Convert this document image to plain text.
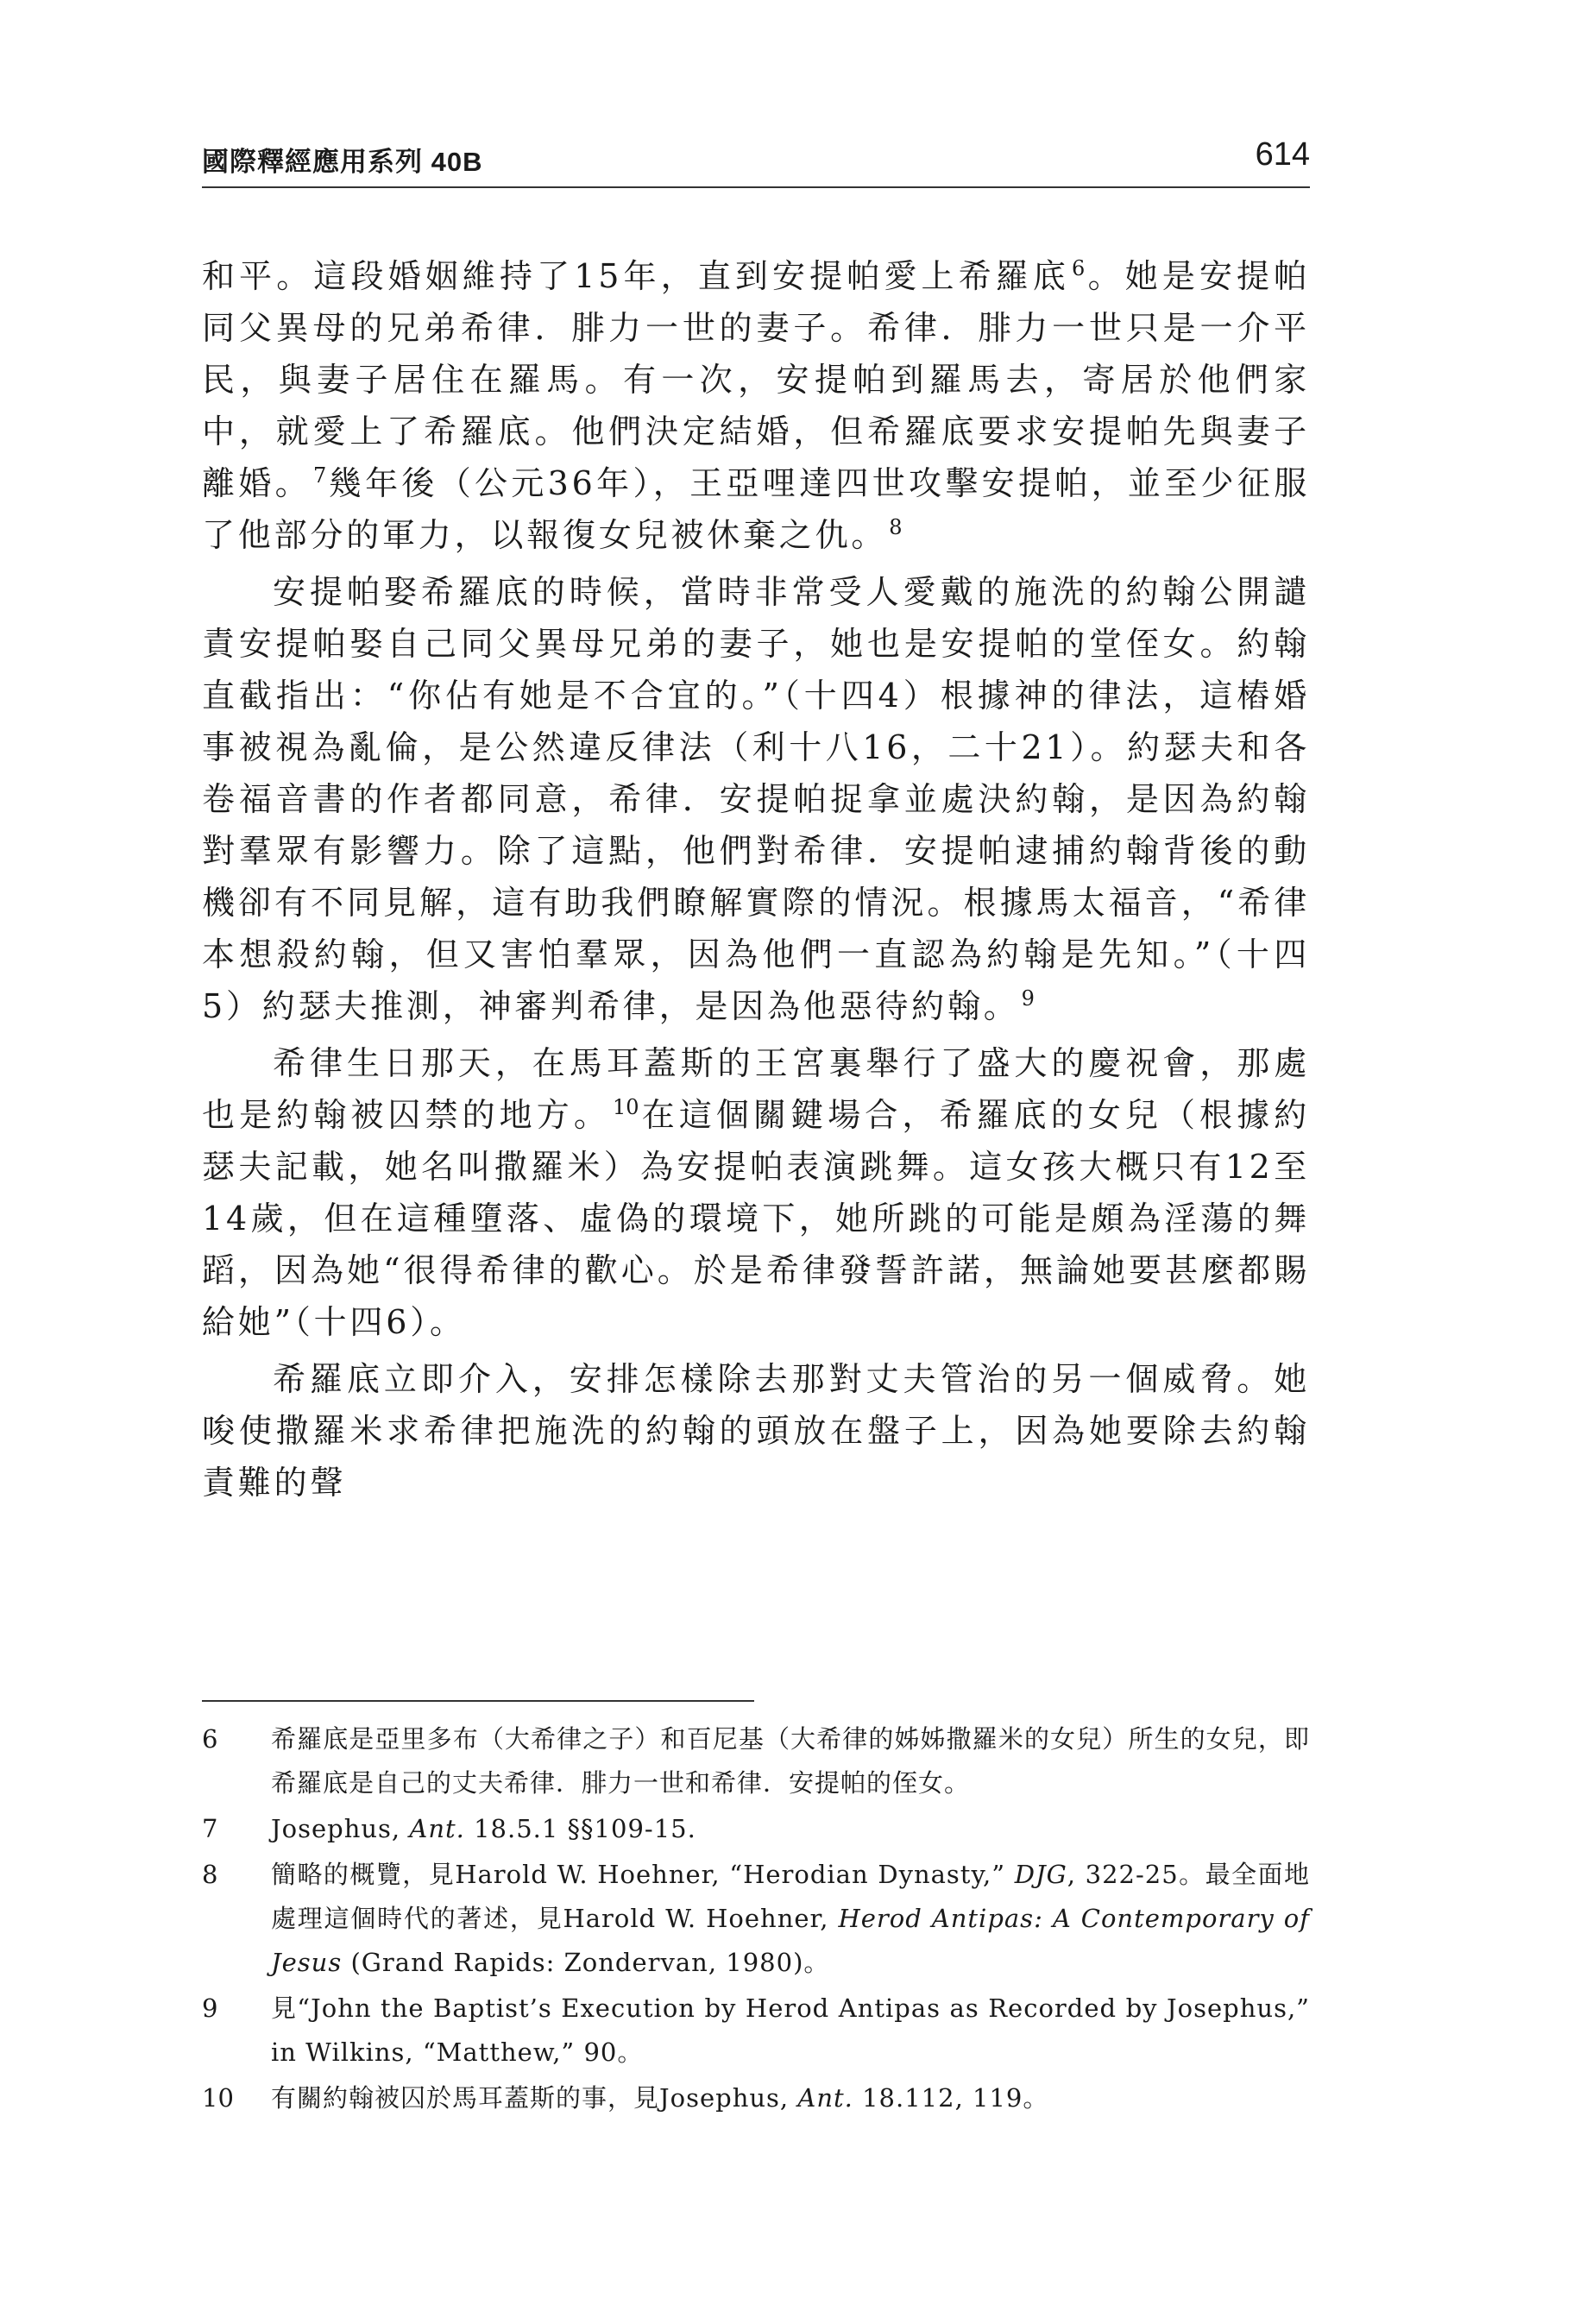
國際釋經應用系列 40B	614

和平。這段婚姻維持了15年，直到安提帕愛上希羅底$^6$。她是安提帕同父異母的兄弟希律．腓力一世的妻子。希律．腓力一世只是一介平民，與妻子居住在羅馬。有一次，安提帕到羅馬去，寄居於他們家中，就愛上了希羅底。他們決定結婚，但希羅底要求安提帕先與妻子離婚。$^7$幾年後（公元36年），王亞哩達四世攻擊安提帕，並至少征服了他部分的軍力，以報復女兒被休棄之仇。$^8$

安提帕娶希羅底的時候，當時非常受人愛戴的施洗的約翰公開譴責安提帕娶自己同父異母兄弟的妻子，她也是安提帕的堂侄女。約翰直截指出：“你佔有她是不合宜的。”（十四4）根據神的律法，這樁婚事被視為亂倫，是公然違反律法（利十八16，二十21）。約瑟夫和各卷福音書的作者都同意，希律．安提帕捉拿並處決約翰，是因為約翰對羣眾有影響力。除了這點，他們對希律．安提帕逮捕約翰背後的動機卻有不同見解，這有助我們瞭解實際的情況。根據馬太福音，“希律本想殺約翰，但又害怕羣眾，因為他們一直認為約翰是先知。”（十四5）約瑟夫推測，神審判希律，是因為他惡待約翰。$^9$

希律生日那天，在馬耳蓋斯的王宮裏舉行了盛大的慶祝會，那處也是約翰被囚禁的地方。$^{10}$在這個關鍵場合，希羅底的女兒（根據約瑟夫記載，她名叫撒羅米）為安提帕表演跳舞。這女孩大概只有12至14歲，但在這種墮落、虛偽的環境下，她所跳的可能是頗為淫蕩的舞蹈，因為她“很得希律的歡心。於是希律發誓許諾，無論她要甚麼都賜給她”（十四6）。

希羅底立即介入，安排怎樣除去那對丈夫管治的另一個威脅。她唆使撒羅米求希律把施洗的約翰的頭放在盤子上，因為她要除去約翰責難的聲

6	希羅底是亞里多布（大希律之子）和百尼基（大希律的姊姊撒羅米的女兒）所生的女兒，即希羅底是自己的丈夫希律．腓力一世和希律．安提帕的侄女。
7	Josephus, Ant. 18.5.1 §§109-15.
8	簡略的概覽，見Harold W. Hoehner, “Herodian Dynasty,” DJG, 322-25。最全面地處理這個時代的著述，見Harold W. Hoehner, Herod Antipas: A Contemporary of Jesus (Grand Rapids: Zondervan, 1980)。
9	見“John the Baptist’s Execution by Herod Antipas as Recorded by Josephus,” in Wilkins, “Matthew,” 90。
10	有關約翰被囚於馬耳蓋斯的事，見Josephus, Ant. 18.112, 119。
